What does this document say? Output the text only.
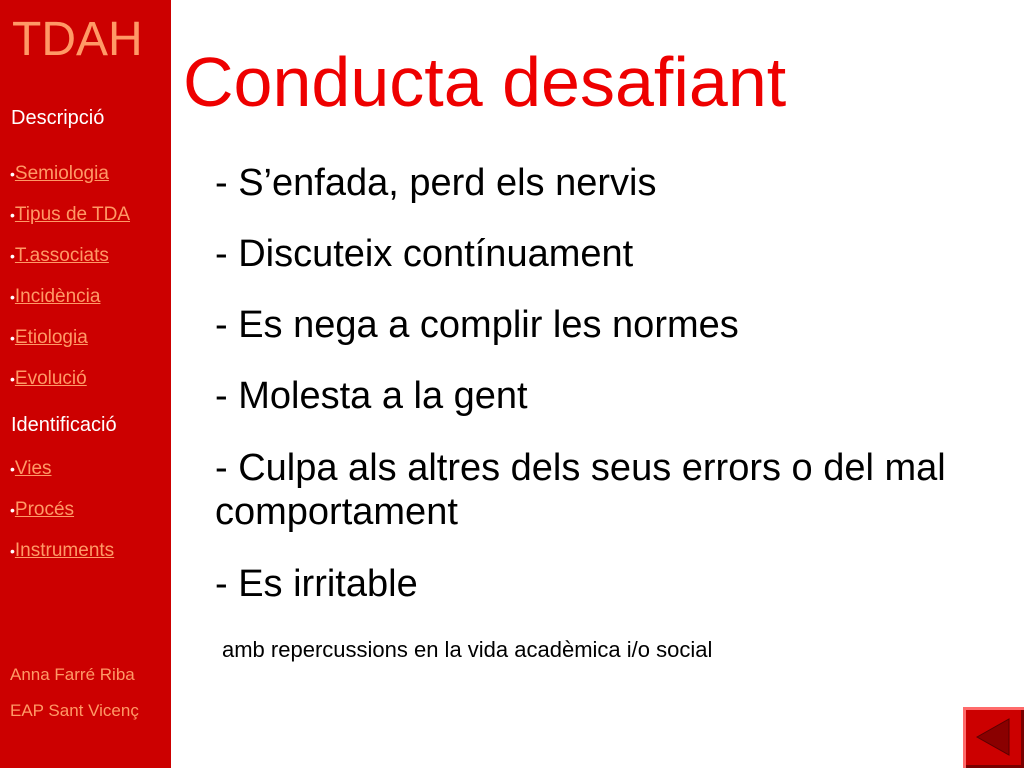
TDAH
Descripció
•Semiologia
•Tipus de TDA
•T.associats
•Incidència
•Etiologia
•Evolució
Identificació
•Vies
•Procés
•Instruments
Anna Farré Riba
EAP Sant Vicenç
Conducta desafiant
- S’enfada, perd els nervis
- Discuteix contínuament
- Es nega a complir les normes
- Molesta a la gent
- Culpa als altres dels seus errors o del mal comportament
- Es irritable
amb repercussions en la vida acadèmica i/o social
